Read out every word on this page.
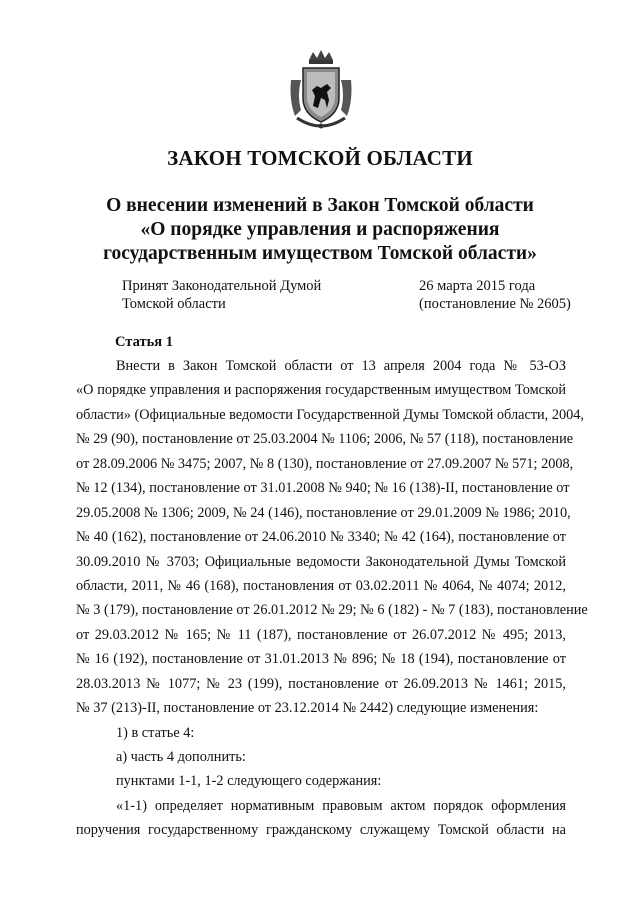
ЗАКОН ТОМСКОЙ ОБЛАСТИ
О внесении изменений в Закон Томской области
«О порядке управления и распоряжения
государственным имуществом Томской области»
Принят Законодательной Думой
Томской области
26 марта 2015 года
(постановление № 2605)
Статья 1
Внести в Закон Томской области от 13 апреля 2004 года № 53-ОЗ
«О порядке управления и распоряжения государственным имуществом Томской
области» (Официальные ведомости Государственной Думы Томской области, 2004,
№ 29 (90), постановление от 25.03.2004 № 1106; 2006, № 57 (118), постановление
от 28.09.2006 № 3475; 2007, № 8 (130), постановление от 27.09.2007 № 571; 2008,
№ 12 (134), постановление от 31.01.2008 № 940; № 16 (138)-II, постановление от
29.05.2008 № 1306; 2009, № 24 (146), постановление от 29.01.2009 № 1986; 2010,
№ 40 (162), постановление от 24.06.2010 № 3340; № 42 (164), постановление от
30.09.2010 № 3703; Официальные ведомости Законодательной Думы Томской
области, 2011, № 46 (168), постановления от 03.02.2011 № 4064, № 4074; 2012,
№ 3 (179), постановление от 26.01.2012 № 29; № 6 (182) - № 7 (183), постановление
от 29.03.2012 № 165; № 11 (187), постановление от 26.07.2012 № 495; 2013,
№ 16 (192), постановление от 31.01.2013 № 896; № 18 (194), постановление от
28.03.2013 № 1077; № 23 (199), постановление от 26.09.2013 № 1461; 2015,
№ 37 (213)-II, постановление от 23.12.2014 № 2442) следующие изменения:
1) в статье 4:
а) часть 4 дополнить:
пунктами 1-1, 1-2 следующего содержания:
«1-1) определяет нормативным правовым актом порядок оформления
поручения государственному гражданскому служащему Томской области на
